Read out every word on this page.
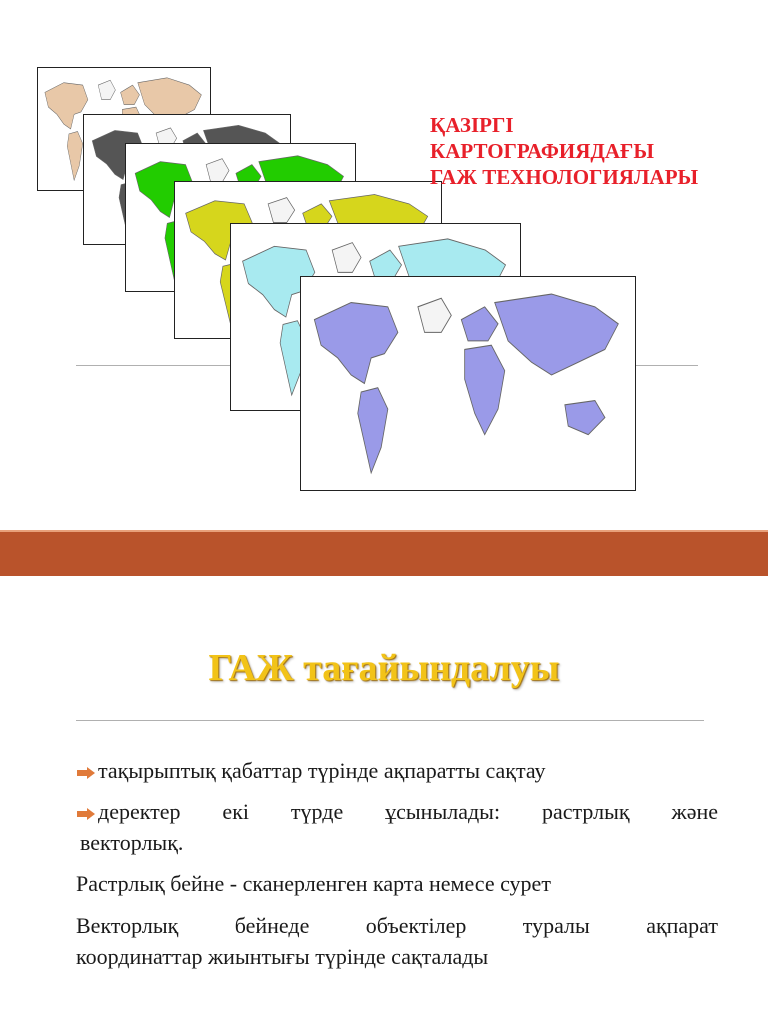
ҚАЗІРГІ
КАРТОГРАФИЯДАҒЫ
ГАЖ ТЕХНОЛОГИЯЛАРЫ
ГАЖ тағайындалуы
тақырыптық қабаттар түрінде ақпаратты сақтау
деректер екі түрде ұсынылады: растрлық және
векторлық.
Растрлық бейне - сканерленген карта немесе сурет
Векторлық бейнеде объектілер туралы ақпарат
координаттар жиынтығы түрінде сақталады
